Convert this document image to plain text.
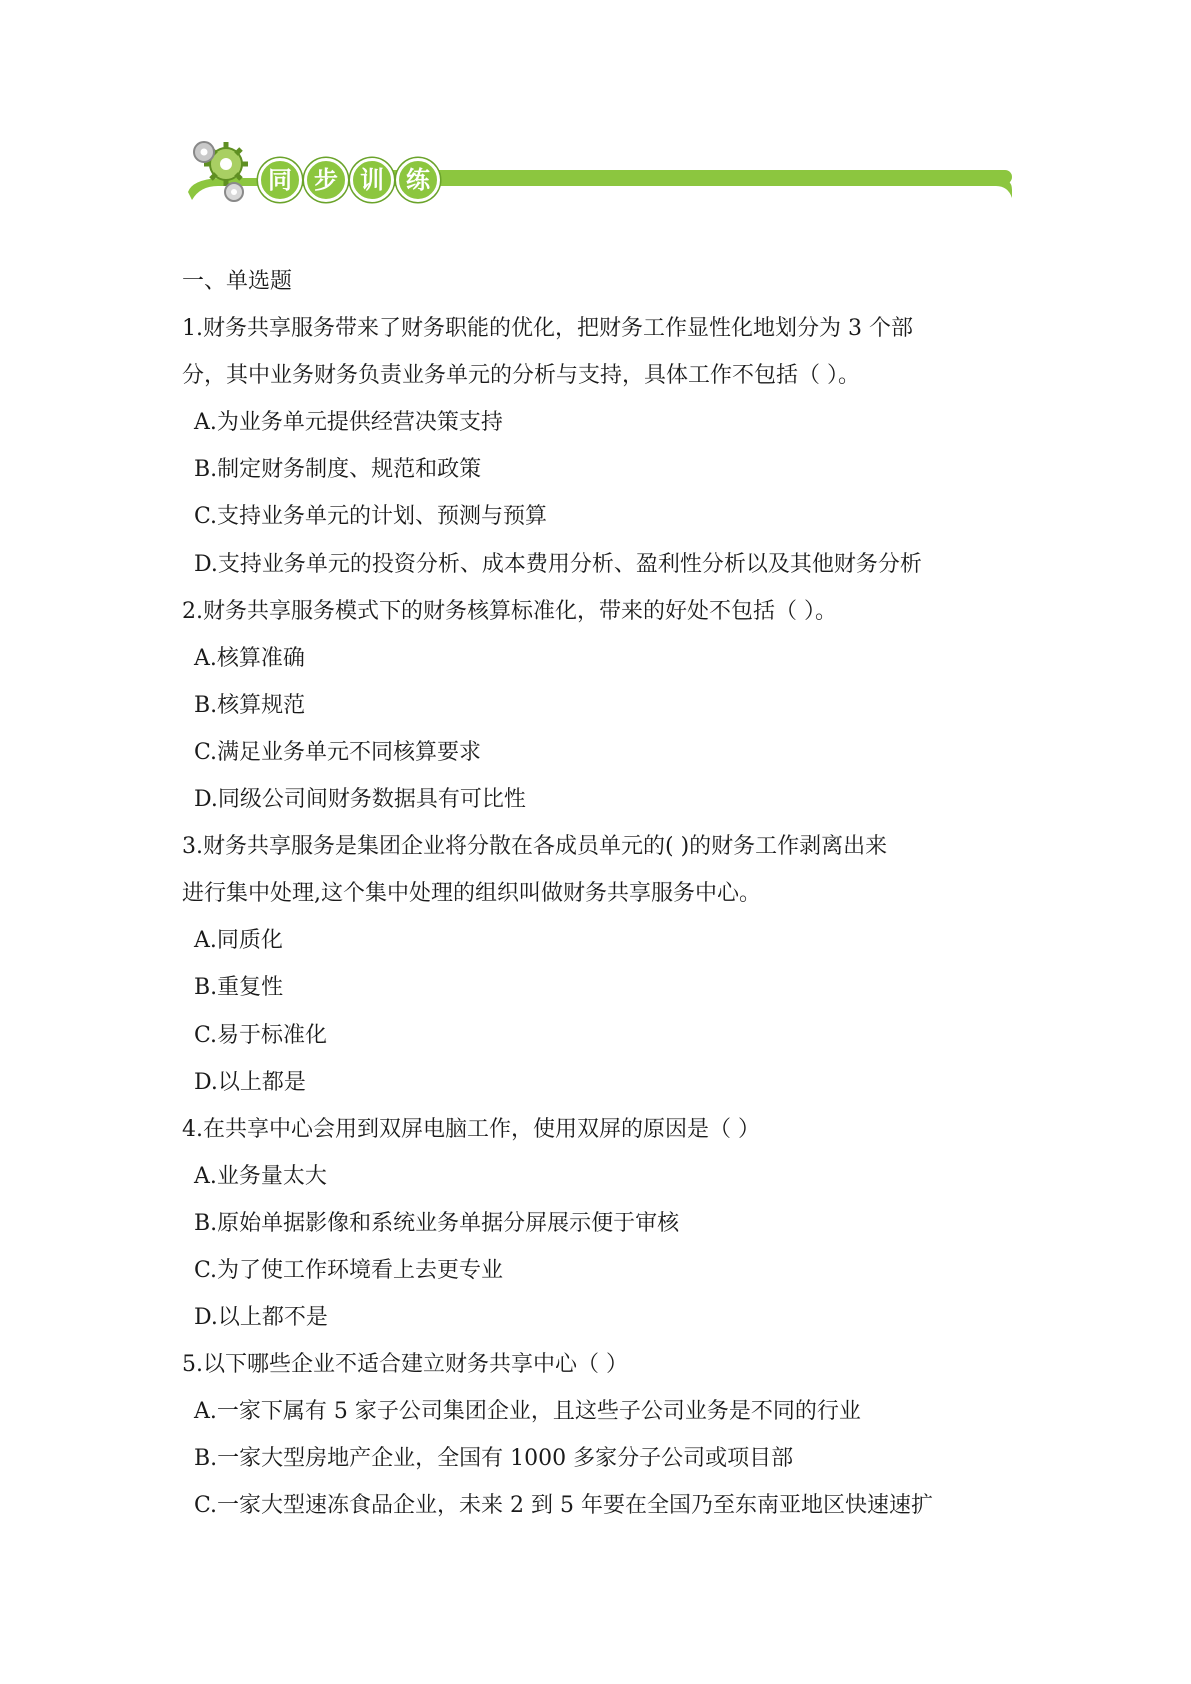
同 步 训 练
一、单选题
1.财务共享服务带来了财务职能的优化，把财务工作显性化地划分为 3 个部
分，其中业务财务负责业务单元的分析与支持，具体工作不包括（ ）。
A.为业务单元提供经营决策支持
B.制定财务制度、规范和政策
C.支持业务单元的计划、预测与预算
D.支持业务单元的投资分析、成本费用分析、盈利性分析以及其他财务分析
2.财务共享服务模式下的财务核算标准化，带来的好处不包括（ ）。
A.核算准确
B.核算规范
C.满足业务单元不同核算要求
D.同级公司间财务数据具有可比性
3.财务共享服务是集团企业将分散在各成员单元的( )的财务工作剥离出来
进行集中处理,这个集中处理的组织叫做财务共享服务中心。
A.同质化
B.重复性
C.易于标准化
D.以上都是
4.在共享中心会用到双屏电脑工作，使用双屏的原因是（ ）
A.业务量太大
B.原始单据影像和系统业务单据分屏展示便于审核
C.为了使工作环境看上去更专业
D.以上都不是
5.以下哪些企业不适合建立财务共享中心（ ）
A.一家下属有 5 家子公司集团企业，且这些子公司业务是不同的行业
B.一家大型房地产企业，全国有 1000 多家分子公司或项目部
C.一家大型速冻食品企业，未来 2 到 5 年要在全国乃至东南亚地区快速速扩
